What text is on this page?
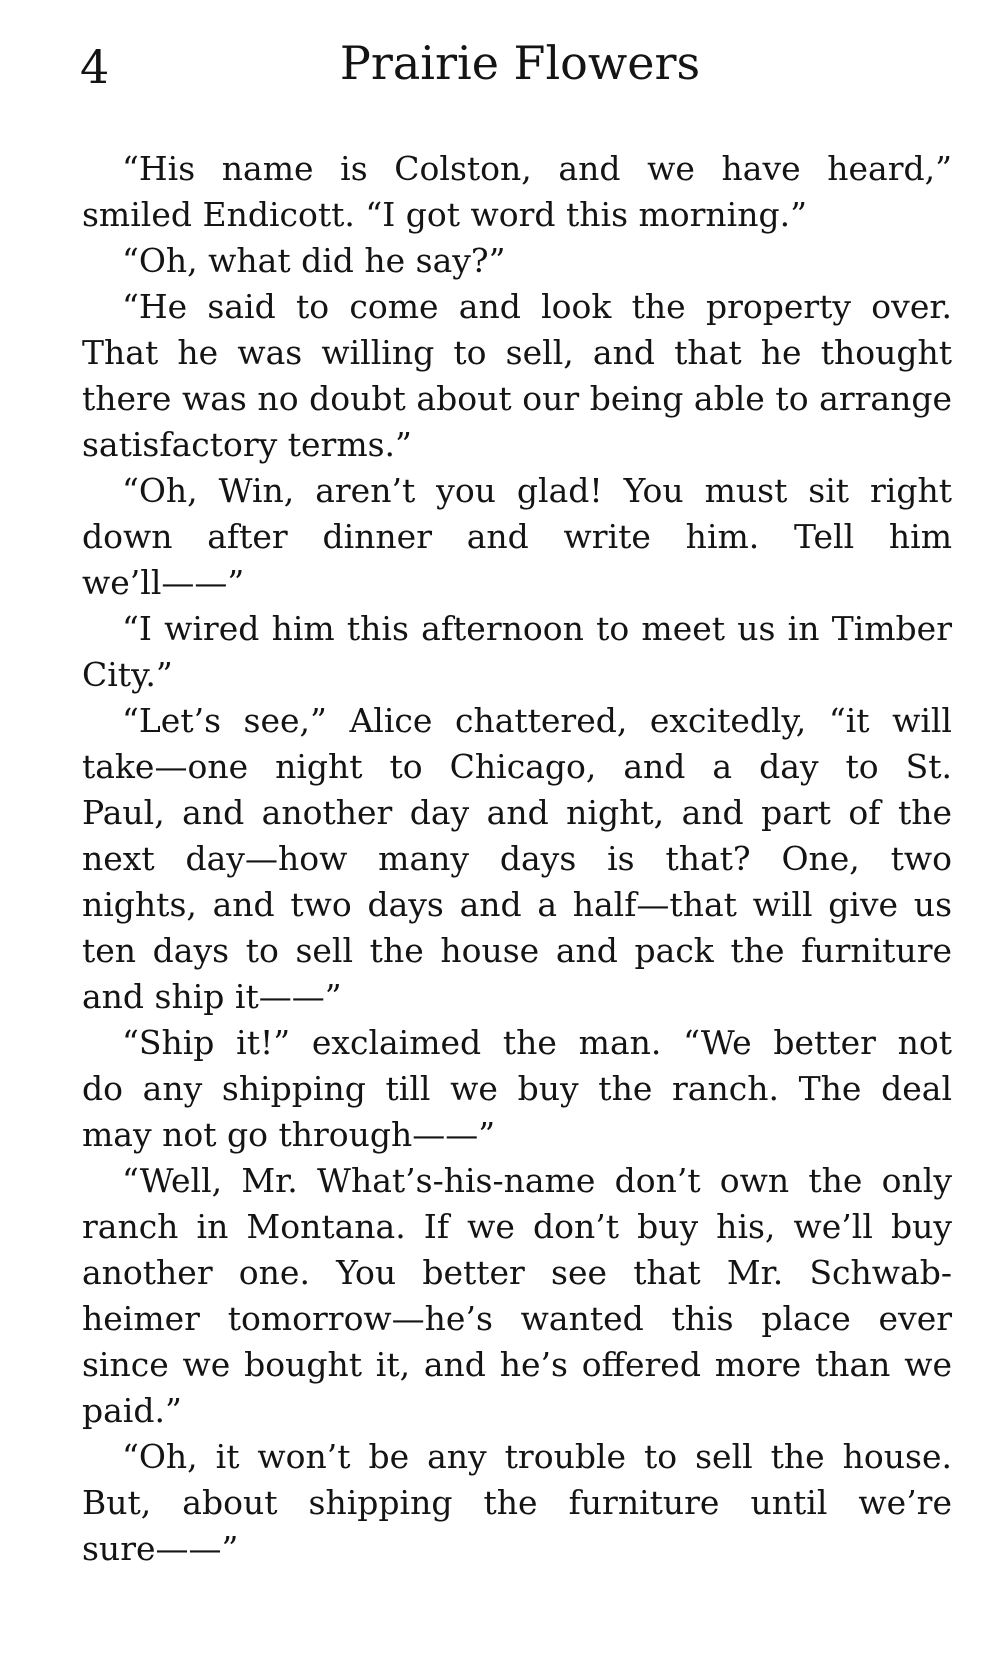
4	Prairie Flowers
“His name is Colston, and we have heard,”
smiled Endicott. “I got word this morning.”
“Oh, what did he say?”
“He said to come and look the property over.
That he was willing to sell, and that he thought
there was no doubt about our being able to arrange
satisfactory terms.”
“Oh, Win, aren’t you glad! You must sit right
down after dinner and write him. Tell him
we’ll——”
“I wired him this afternoon to meet us in Timber
City.”
“Let’s see,” Alice chattered, excitedly, “it will
take—one night to Chicago, and a day to St.
Paul, and another day and night, and part of the
next day—how many days is that? One, two
nights, and two days and a half—that will give us
ten days to sell the house and pack the furniture
and ship it——”
“Ship it!” exclaimed the man. “We better not
do any shipping till we buy the ranch. The deal
may not go through——”
“Well, Mr. What’s-his-name don’t own the only
ranch in Montana. If we don’t buy his, we’ll buy
another one. You better see that Mr. Schwab-
heimer tomorrow—he’s wanted this place ever
since we bought it, and he’s offered more than we
paid.”
“Oh, it won’t be any trouble to sell the house.
But, about shipping the furniture until we’re
sure——”
